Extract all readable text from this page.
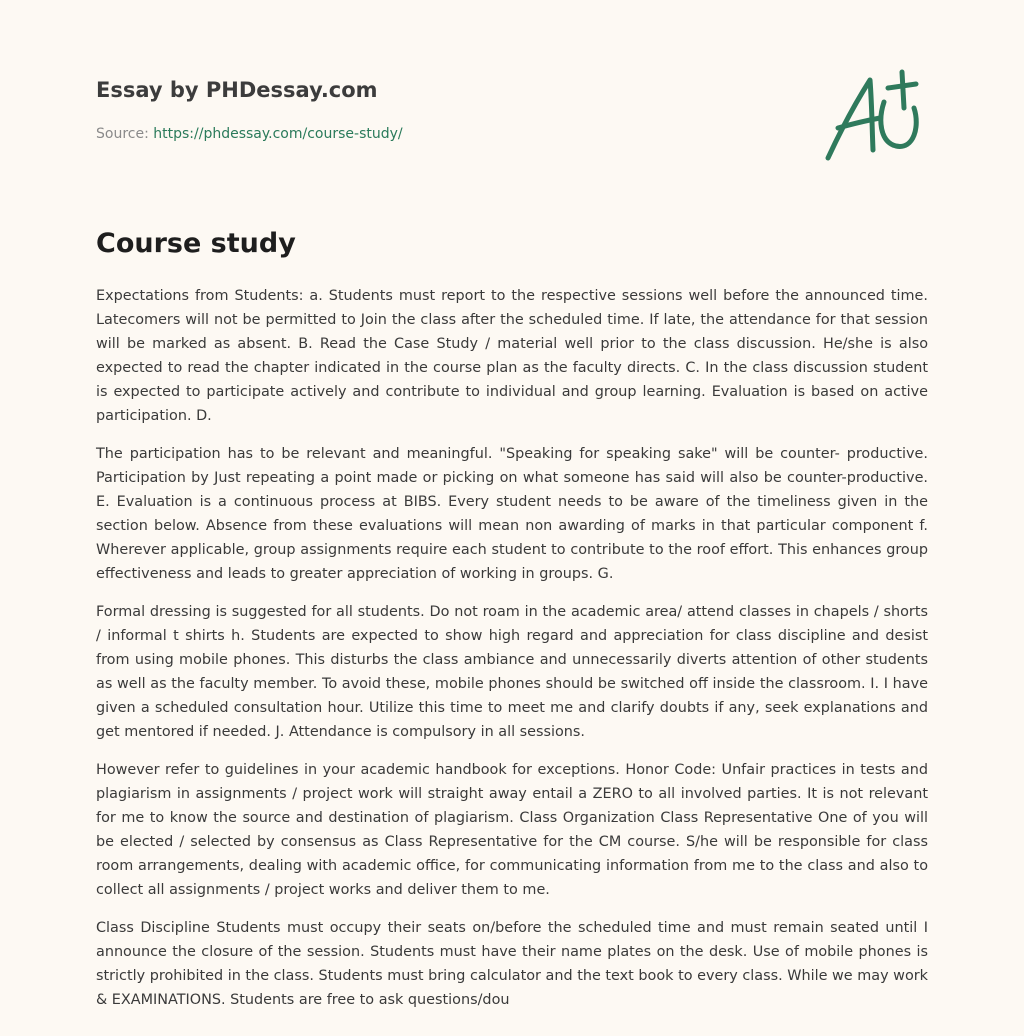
Essay by PHDessay.com
Source: https://phdessay.com/course-study/
Course study

Expectations from Students: a. Students must report to the respective sessions well before the announced time. Latecomers will not be permitted to Join the class after the scheduled time. If late, the attendance for that session will be marked as absent. B. Read the Case Study / material well prior to the class discussion. He/she is also expected to read the chapter indicated in the course plan as the faculty directs. C. In the class discussion student is expected to participate actively and contribute to individual and group learning. Evaluation is based on active participation. D.

The participation has to be relevant and meaningful. "Speaking for speaking sake" will be counter- productive. Participation by Just repeating a point made or picking on what someone has said will also be counter-productive. E. Evaluation is a continuous process at BIBS. Every student needs to be aware of the timeliness given in the section below. Absence from these evaluations will mean non awarding of marks in that particular component f. Wherever applicable, group assignments require each student to contribute to the roof effort. This enhances group effectiveness and leads to greater appreciation of working in groups. G.

Formal dressing is suggested for all students. Do not roam in the academic area/ attend classes in chapels / shorts / informal t shirts h. Students are expected to show high regard and appreciation for class discipline and desist from using mobile phones. This disturbs the class ambiance and unnecessarily diverts attention of other students as well as the faculty member. To avoid these, mobile phones should be switched off inside the classroom. I. I have given a scheduled consultation hour. Utilize this time to meet me and clarify doubts if any, seek explanations and get mentored if needed. J. Attendance is compulsory in all sessions.

However refer to guidelines in your academic handbook for exceptions. Honor Code: Unfair practices in tests and plagiarism in assignments / project work will straight away entail a ZERO to all involved parties. It is not relevant for me to know the source and destination of plagiarism. Class Organization Class Representative One of you will be elected / selected by consensus as Class Representative for the CM course. S/he will be responsible for class room arrangements, dealing with academic office, for communicating information from me to the class and also to collect all assignments / project works and deliver them to me.

Class Discipline Students must occupy their seats on/before the scheduled time and must remain seated until I announce the closure of the session. Students must have their name plates on the desk. Use of mobile phones is strictly prohibited in the class. Students must bring calculator and the text book to every class. While we may work & EXAMINATIONS. Students are free to ask questions/dou
